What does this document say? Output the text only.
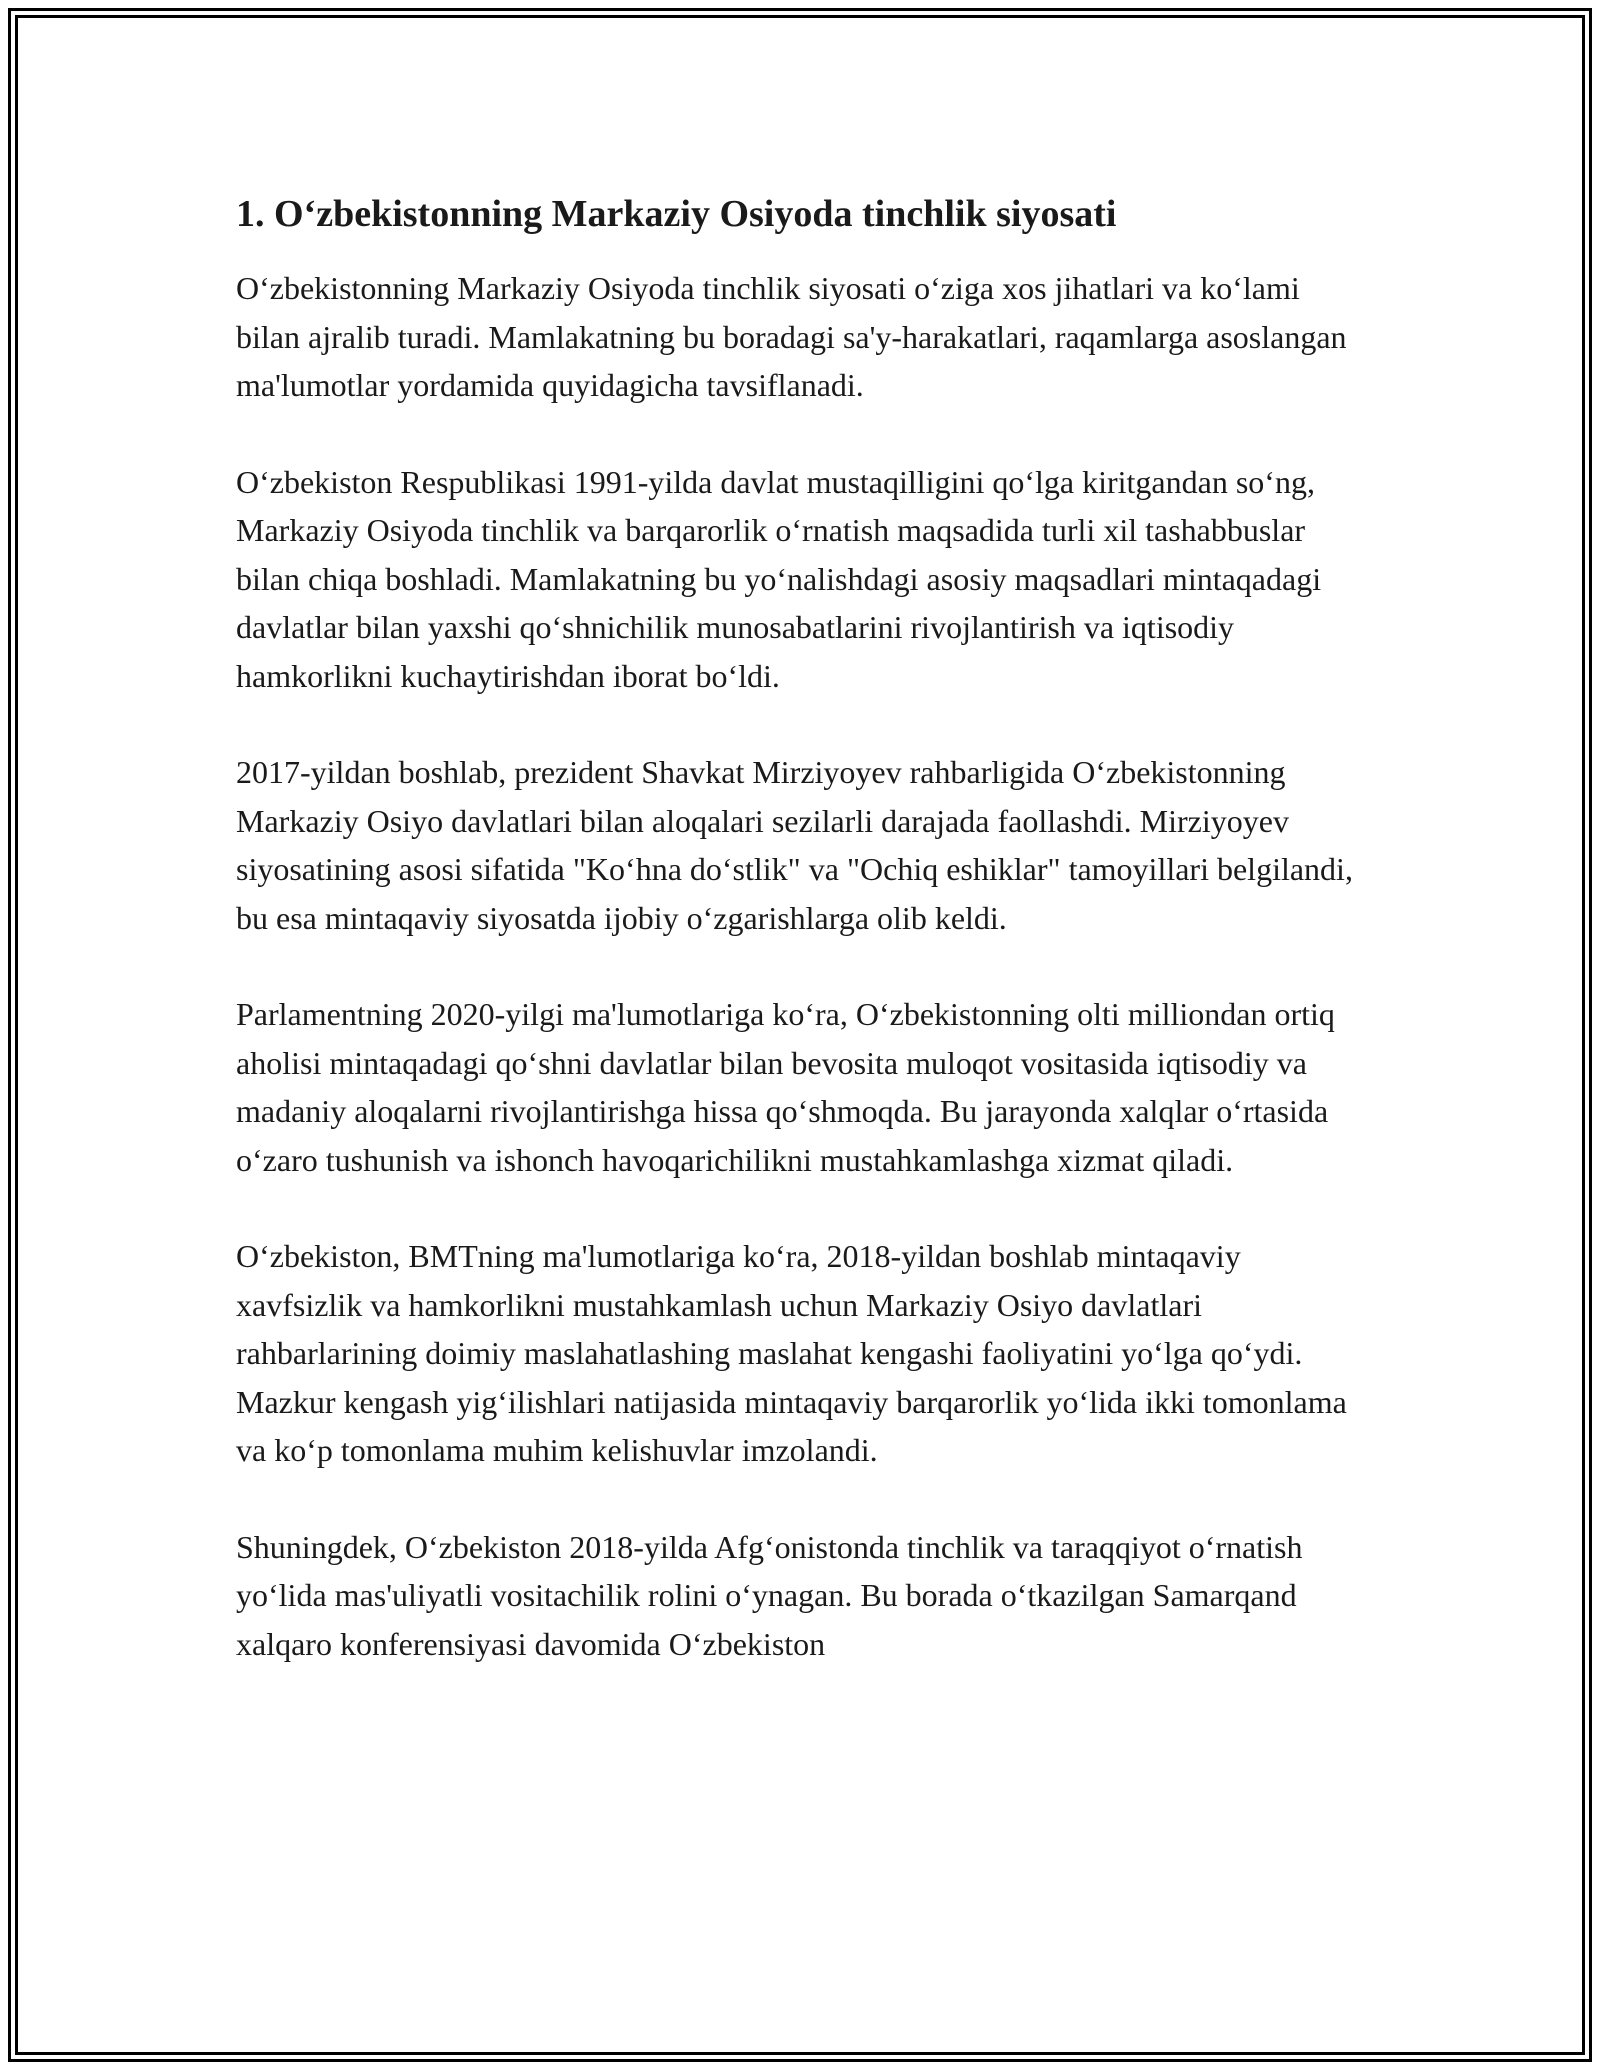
1. O‘zbekistonning Markaziy Osiyoda tinchlik siyosati

O‘zbekistonning Markaziy Osiyoda tinchlik siyosati o‘ziga xos jihatlari va ko‘lami bilan ajralib turadi. Mamlakatning bu boradagi sa'y-harakatlari, raqamlarga asoslangan ma'lumotlar yordamida quyidagicha tavsiflanadi.

O‘zbekiston Respublikasi 1991-yilda davlat mustaqilligini qo‘lga kiritgandan so‘ng, Markaziy Osiyoda tinchlik va barqarorlik o‘rnatish maqsadida turli xil tashabbuslar bilan chiqa boshladi. Mamlakatning bu yo‘nalishdagi asosiy maqsadlari mintaqadagi davlatlar bilan yaxshi qo‘shnichilik munosabatlarini rivojlantirish va iqtisodiy hamkorlikni kuchaytirishdan iborat bo‘ldi.

2017-yildan boshlab, prezident Shavkat Mirziyoyev rahbarligida O‘zbekistonning Markaziy Osiyo davlatlari bilan aloqalari sezilarli darajada faollashdi. Mirziyoyev siyosatining asosi sifatida "Ko‘hna do‘stlik" va "Ochiq eshiklar" tamoyillari belgilandi, bu esa mintaqaviy siyosatda ijobiy o‘zgarishlarga olib keldi.

Parlamentning 2020-yilgi ma'lumotlariga ko‘ra, O‘zbekistonning olti milliondan ortiq aholisi mintaqadagi qo‘shni davlatlar bilan bevosita muloqot vositasida iqtisodiy va madaniy aloqalarni rivojlantirishga hissa qo‘shmoqda. Bu jarayonda xalqlar o‘rtasida o‘zaro tushunish va ishonch havoqarichilikni mustahkamlashga xizmat qiladi.

O‘zbekiston, BMTning ma'lumotlariga ko‘ra, 2018-yildan boshlab mintaqaviy xavfsizlik va hamkorlikni mustahkamlash uchun Markaziy Osiyo davlatlari rahbarlarining doimiy maslahatlashing maslahat kengashi faoliyatini yo‘lga qo‘ydi. Mazkur kengash yig‘ilishlari natijasida mintaqaviy barqarorlik yo‘lida ikki tomonlama va ko‘p tomonlama muhim kelishuvlar imzolandi.

Shuningdek, O‘zbekiston 2018-yilda Afg‘onistonda tinchlik va taraqqiyot o‘rnatish yo‘lida mas'uliyatli vositachilik rolini o‘ynagan. Bu borada o‘tkazilgan Samarqand xalqaro konferensiyasi davomida O‘zbekiston
